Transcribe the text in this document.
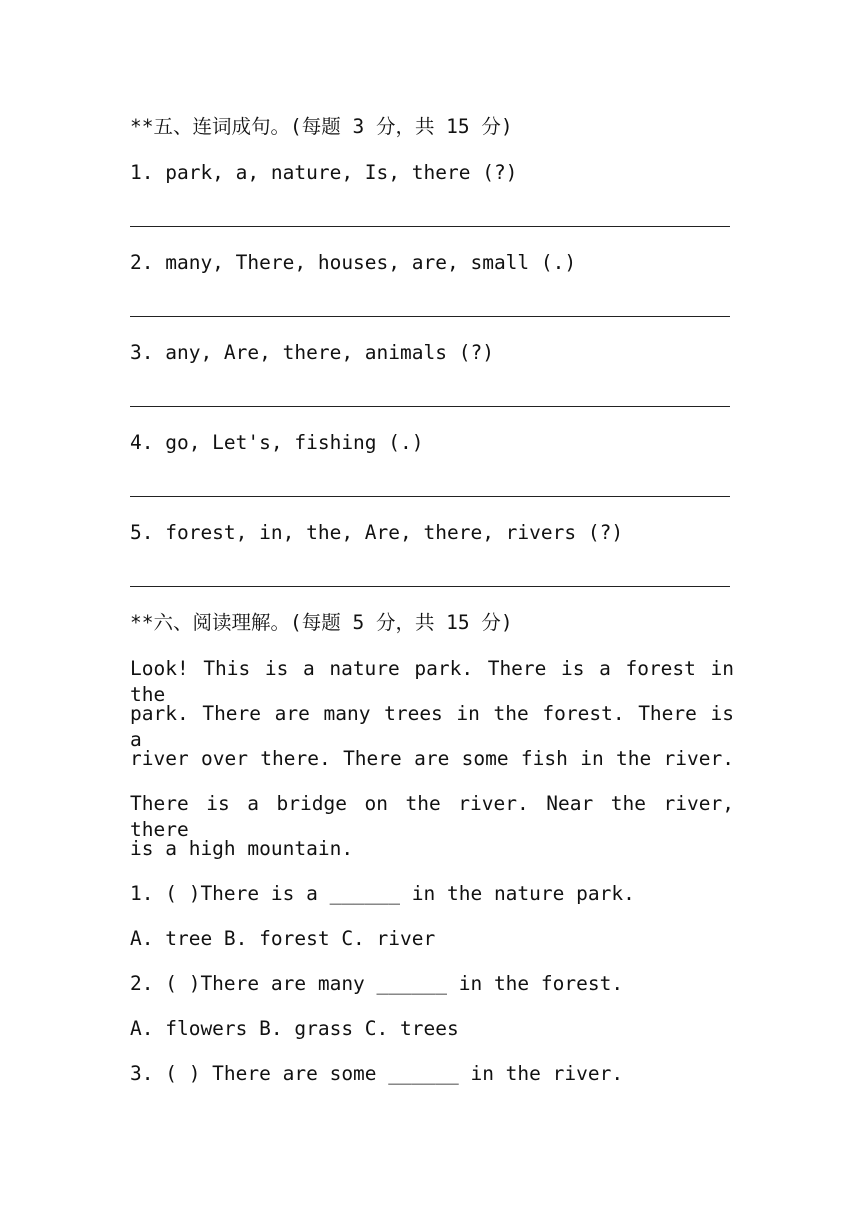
**五、连词成句。(每题 3 分，共 15 分)
1. park, a, nature, Is, there (?)
2. many, There, houses, are, small (.)
3. any, Are, there, animals (?)
4. go, Let's, fishing (.)
5. forest, in, the, Are, there, rivers (?)
**六、阅读理解。(每题 5 分，共 15 分)
Look! This is a nature park. There is a forest in the
park. There are many trees in the forest. There is a
river over there. There are some fish in the river.
There is a bridge on the river. Near the river, there
is a high mountain.
1. ( )There is a ______ in the nature park.
A. tree B. forest C. river
2. ( )There are many ______ in the forest.
A. flowers B. grass C. trees
3. ( ) There are some ______ in the river.
